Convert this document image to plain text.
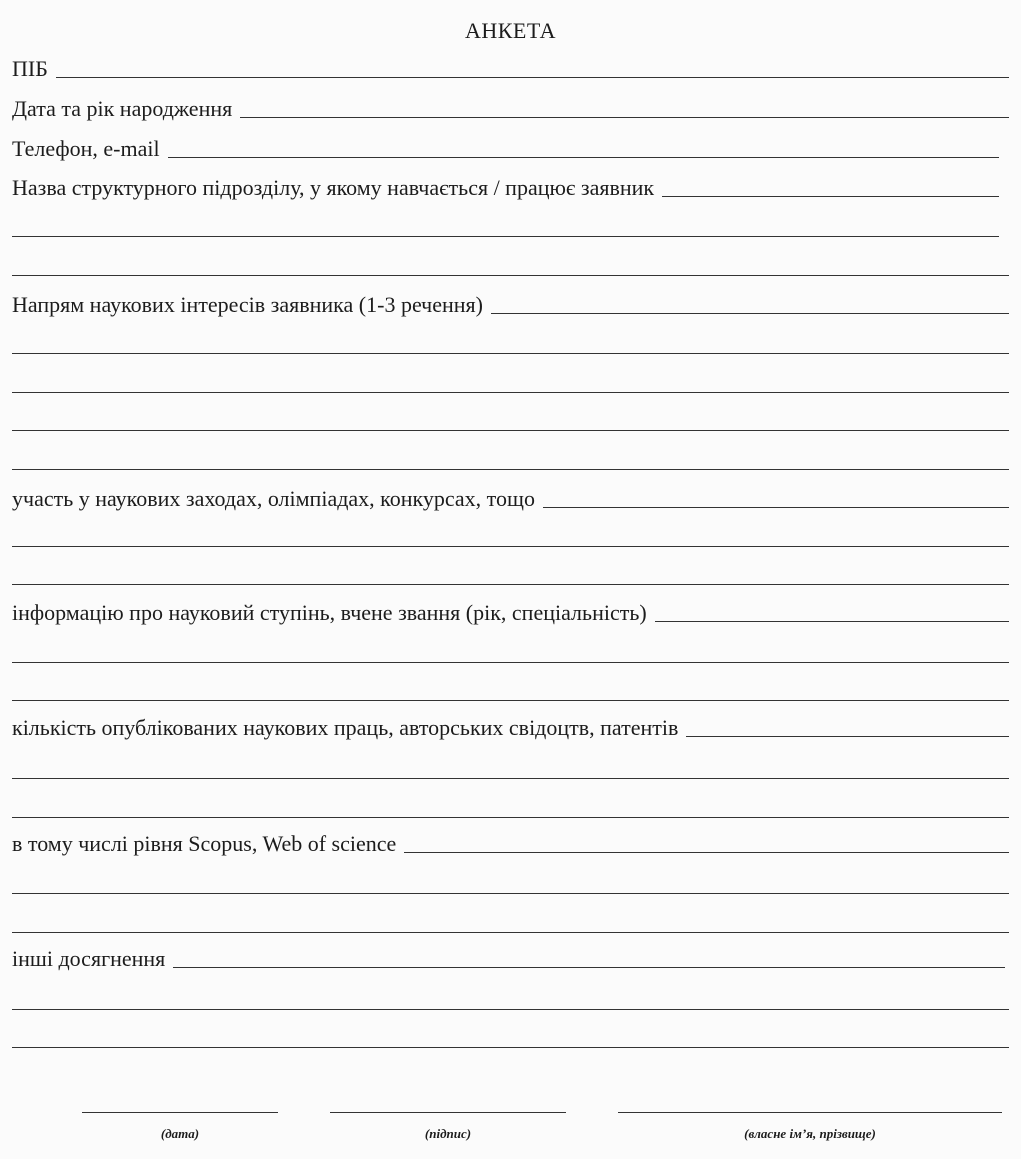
АНКЕТА
ПІБ
Дата та рік народження
Телефон, e-mail
Назва структурного підрозділу, у якому навчається / працює заявник
Напрям наукових інтересів заявника (1-3 речення)
участь у наукових заходах, олімпіадах, конкурсах, тощо
інформацію про науковий ступінь, вчене звання (рік, спеціальність)
кількість опублікованих наукових праць, авторських свідоцтв, патентів
в тому числі рівня Scopus, Web of science
інші досягнення
(дата)	(підпис)	(власне ім’я, прізвище)
